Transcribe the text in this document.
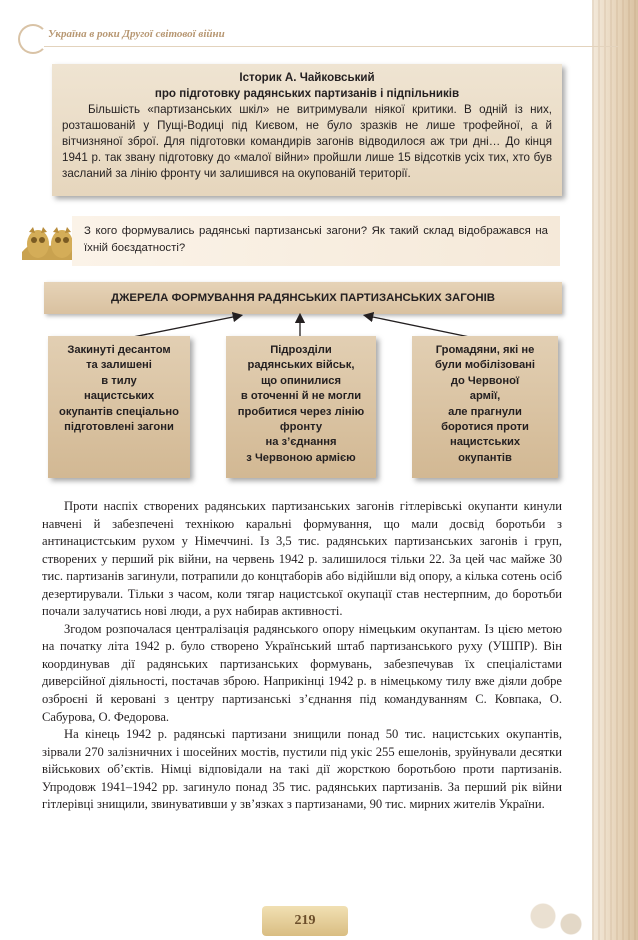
Україна в роки Другої світової війни
Історик А. Чайковський
про підготовку радянських партизанів і підпільників

Більшість «партизанських шкіл» не витримували ніякої критики. В одній із них, розташованій у Пущі-Водиці під Києвом, не було зразків не лише трофейної, а й вітчизняної зброї. Для підготовки командирів загонів відводилося аж три дні… До кінця 1941 р. так звану підготовку до «малої війни» пройшли лише 15 відсотків усіх тих, хто був засланий за лінію фронту чи залишився на окупованій території.

З кого формувались радянські партизанські загони? Як такий склад відображався на їхній боєздатності?
ДЖЕРЕЛА ФОРМУВАННЯ РАДЯНСЬКИХ ПАРТИЗАНСЬКИХ ЗАГОНІВ
Закинуті десантом
та залишені
в тилу
нацистських
окупантів спеціально
підготовлені загони
Підрозділи
радянських військ,
що опинилися
в оточенні й не могли
пробитися через лінію
фронту
на з’єднання
з Червоною армією
Громадяни, які не
були мобілізовані
до Червоної
армії,
але прагнули
боротися проти
нацистських
окупантів

Проти наспіх створених радянських партизанських загонів гітлерівські окупанти кинули навчені й забезпечені технікою каральні формування, що мали досвід боротьби з антинацистським рухом у Німеччині. Із 3,5 тис. радянських партизанських загонів і груп, створених у перший рік війни, на червень 1942 р. залишилося тільки 22. За цей час майже 30 тис. партизанів загинули, потрапили до концтаборів або відійшли від опору, а кілька сотень осіб дезертирували. Тільки з часом, коли тягар нацистської окупації став нестерпним, до боротьби почали залучатись нові люди, а рух набирав активності.

Згодом розпочалася централізація радянського опору німецьким окупантам. Із цією метою на початку літа 1942 р. було створено Український штаб партизанського руху (УШПР). Він координував дії радянських партизанських формувань, забезпечував їх спеціалістами диверсійної діяльності, постачав зброю. Наприкінці 1942 р. в німецькому тилу вже діяли добре озброєні й керовані з центру партизанські з’єднання під командуванням С. Ковпака, О. Сабурова, О. Федорова.

На кінець 1942 р. радянські партизани знищили понад 50 тис. нацистських окупантів, зірвали 270 залізничних і шосейних мостів, пустили під укіс 255 ешелонів, зруйнували десятки військових об’єктів. Німці відповідали на такі дії жорсткою боротьбою проти партизанів. Упродовж 1941–1942 рр. загинуло понад 35 тис. радянських партизанів. За перший рік війни гітлерівці знищили, звинувативши у зв’язках з партизанами, 90 тис. мирних жителів України.

219
